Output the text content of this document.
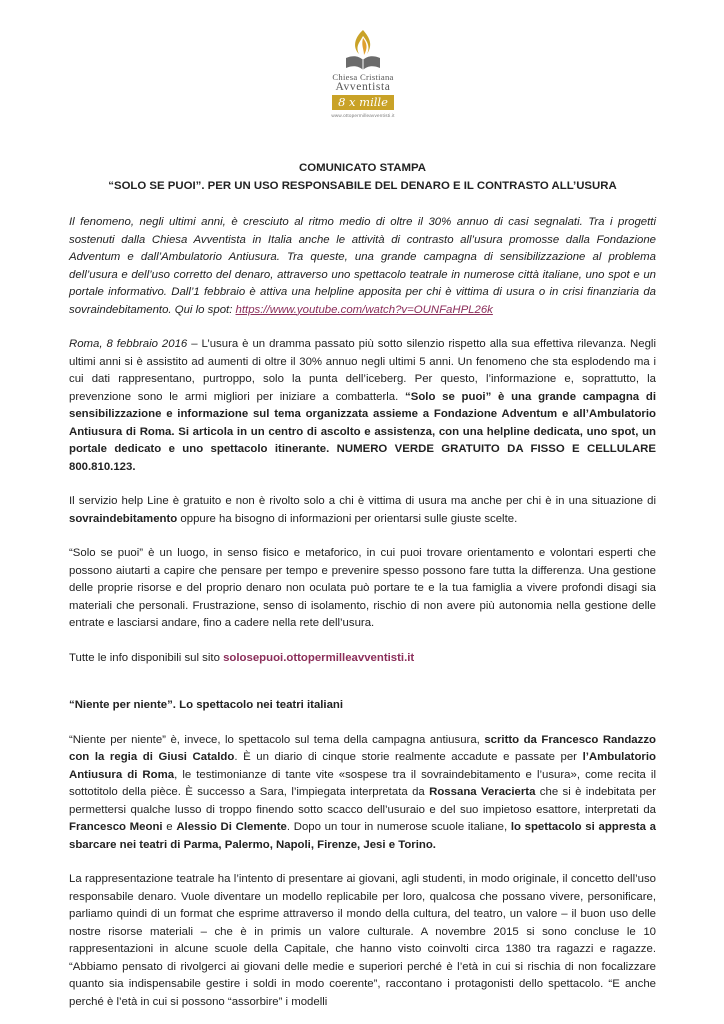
Chiesa Cristiana
Avventista
8 x mille
www.ottopermilleavventisti.it
COMUNICATO STAMPA
“SOLO SE PUOI”. PER UN USO RESPONSABILE DEL DENARO E IL CONTRASTO ALL’USURA

Il fenomeno, negli ultimi anni, è cresciuto al ritmo medio di oltre il 30% annuo di casi segnalati. Tra i progetti sostenuti dalla Chiesa Avventista in Italia anche le attività di contrasto all’usura promosse dalla Fondazione Adventum e dall’Ambulatorio Antiusura. Tra queste, una grande campagna di sensibilizzazione al problema dell’usura e dell’uso corretto del denaro, attraverso uno spettacolo teatrale in numerose città italiane, uno spot e un portale informativo. Dall’1 febbraio è attiva una helpline apposita per chi è vittima di usura o in crisi finanziaria da sovraindebitamento. Qui lo spot: https://www.youtube.com/watch?v=OUNFaHPL26k

Roma, 8 febbraio 2016 – L’usura è un dramma passato più sotto silenzio rispetto alla sua effettiva rilevanza. Negli ultimi anni si è assistito ad aumenti di oltre il 30% annuo negli ultimi 5 anni. Un fenomeno che sta esplodendo ma i cui dati rappresentano, purtroppo, solo la punta dell’iceberg. Per questo, l’informazione e, soprattutto, la prevenzione sono le armi migliori per iniziare a combatterla. “Solo se puoi” è una grande campagna di sensibilizzazione e informazione sul tema organizzata assieme a Fondazione Adventum e all’Ambulatorio Antiusura di Roma. Si articola in un centro di ascolto e assistenza, con una helpline dedicata, uno spot, un portale dedicato e uno spettacolo itinerante. NUMERO VERDE GRATUITO DA FISSO E CELLULARE 800.810.123.

Il servizio help Line è gratuito e non è rivolto solo a chi è vittima di usura ma anche per chi è in una situazione di sovraindebitamento oppure ha bisogno di informazioni per orientarsi sulle giuste scelte.

“Solo se puoi” è un luogo, in senso fisico e metaforico, in cui puoi trovare orientamento e volontari esperti che possono aiutarti a capire che pensare per tempo e prevenire spesso possono fare tutta la differenza. Una gestione delle proprie risorse e del proprio denaro non oculata può portare te e la tua famiglia a vivere profondi disagi sia materiali che personali. Frustrazione, senso di isolamento, rischio di non avere più autonomia nella gestione delle entrate e lasciarsi andare, fino a cadere nella rete dell’usura.

Tutte le info disponibili sul sito solosepuoi.ottopermilleavventisti.it

“Niente per niente”. Lo spettacolo nei teatri italiani

“Niente per niente” è, invece, lo spettacolo sul tema della campagna antiusura, scritto da Francesco Randazzo con la regia di Giusi Cataldo. È un diario di cinque storie realmente accadute e passate per l’Ambulatorio Antiusura di Roma, le testimonianze di tante vite «sospese tra il sovraindebitamento e l’usura», come recita il sottotitolo della pièce. È successo a Sara, l’impiegata interpretata da Rossana Veracierta che si è indebitata per permettersi qualche lusso di troppo finendo sotto scacco dell’usuraio e del suo impietoso esattore, interpretati da Francesco Meoni e Alessio Di Clemente. Dopo un tour in numerose scuole italiane, lo spettacolo si appresta a sbarcare nei teatri di Parma, Palermo, Napoli, Firenze, Jesi e Torino.

La rappresentazione teatrale ha l’intento di presentare ai giovani, agli studenti, in modo originale, il concetto dell’uso responsabile denaro. Vuole diventare un modello replicabile per loro, qualcosa che possano vivere, personificare, parliamo quindi di un format che esprime attraverso il mondo della cultura, del teatro, un valore – il buon uso delle nostre risorse materiali – che è in primis un valore culturale. A novembre 2015 si sono concluse le 10 rappresentazioni in alcune scuole della Capitale, che hanno visto coinvolti circa 1380 tra ragazzi e ragazze. “Abbiamo pensato di rivolgerci ai giovani delle medie e superiori perché è l’età in cui si rischia di non focalizzare quanto sia indispensabile gestire i soldi in modo coerente”, raccontano i protagonisti dello spettacolo. “E anche perché è l’età in cui si possono “assorbire” i modelli
